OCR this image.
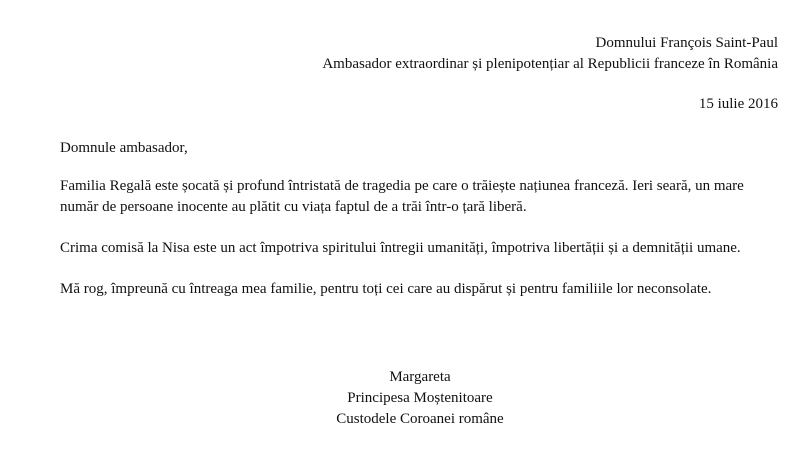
Domnului François Saint-Paul
Ambasador extraordinar și plenipotențiar al Republicii franceze în România
15 iulie 2016

Domnule ambasador,

Familia Regală este șocată și profund întristată de tragedia pe care o trăiește națiunea franceză. Ieri seară, un mare număr de persoane inocente au plătit cu viața faptul de a trăi într-o țară liberă.

Crima comisă la Nisa este un act împotriva spiritului întregii umanități, împotriva libertății și a demnității umane.

Mă rog, împreună cu întreaga mea familie, pentru toți cei care au dispărut și pentru familiile lor neconsolate.

Margareta
Principesa Moștenitoare
Custodele Coroanei române
